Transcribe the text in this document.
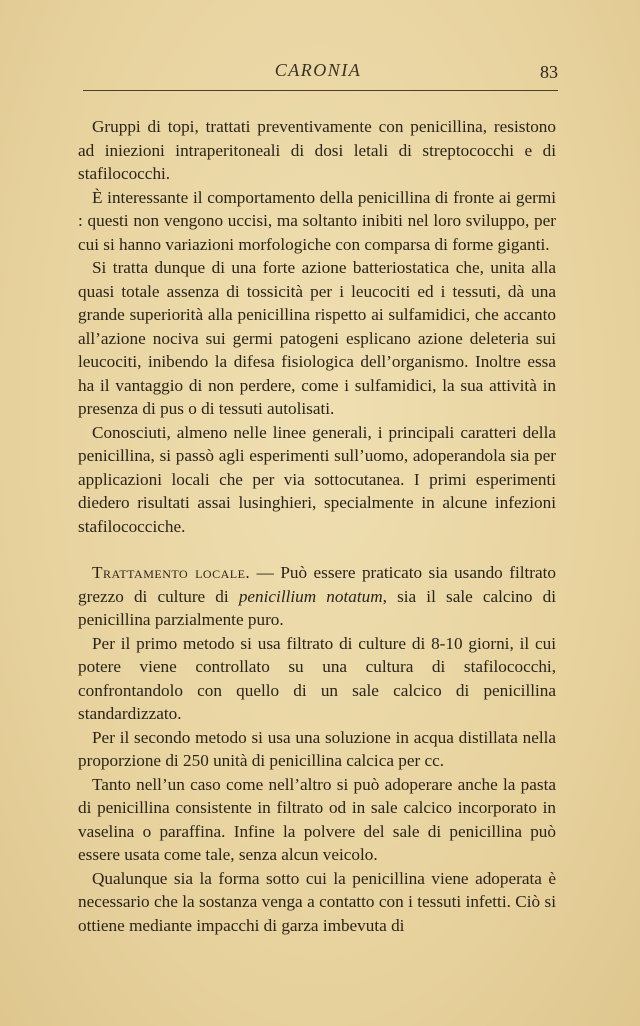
CARONIA	83

Gruppi di topi, trattati preventivamente con penicillina, resistono ad iniezioni intraperitoneali di dosi letali di streptococchi e di stafilococchi.

È interessante il comportamento della penicillina di fronte ai germi : questi non vengono uccisi, ma soltanto inibiti nel loro sviluppo, per cui si hanno variazioni morfologiche con comparsa di forme giganti.

Si tratta dunque di una forte azione batteriostatica che, unita alla quasi totale assenza di tossicità per i leucociti ed i tessuti, dà una grande superiorità alla penicillina rispetto ai sulfamidici, che accanto all’azione nociva sui germi patogeni esplicano azione deleteria sui leucociti, inibendo la difesa fisiologica dell’organismo. Inoltre essa ha il vantaggio di non perdere, come i sulfamidici, la sua attività in presenza di pus o di tessuti autolisati.

Conosciuti, almeno nelle linee generali, i principali caratteri della penicillina, si passò agli esperimenti sull’uomo, adoperandola sia per applicazioni locali che per via sottocutanea. I primi esperimenti diedero risultati assai lusinghieri, specialmente in alcune infezioni stafilococciche.

Trattamento locale. — Può essere praticato sia usando filtrato grezzo di culture di penicillium notatum, sia il sale calcino di penicillina parzialmente puro.

Per il primo metodo si usa filtrato di culture di 8-10 giorni, il cui potere viene controllato su una cultura di stafilococchi, confrontandolo con quello di un sale calcico di penicillina standardizzato.

Per il secondo metodo si usa una soluzione in acqua distillata nella proporzione di 250 unità di penicillina calcica per cc.

Tanto nell’un caso come nell’altro si può adoperare anche la pasta di penicillina consistente in filtrato od in sale calcico incorporato in vaselina o paraffina. Infine la polvere del sale di penicillina può essere usata come tale, senza alcun veicolo.

Qualunque sia la forma sotto cui la penicillina viene adoperata è necessario che la sostanza venga a contatto con i tessuti infetti. Ciò si ottiene mediante impacchi di garza imbevuta di
